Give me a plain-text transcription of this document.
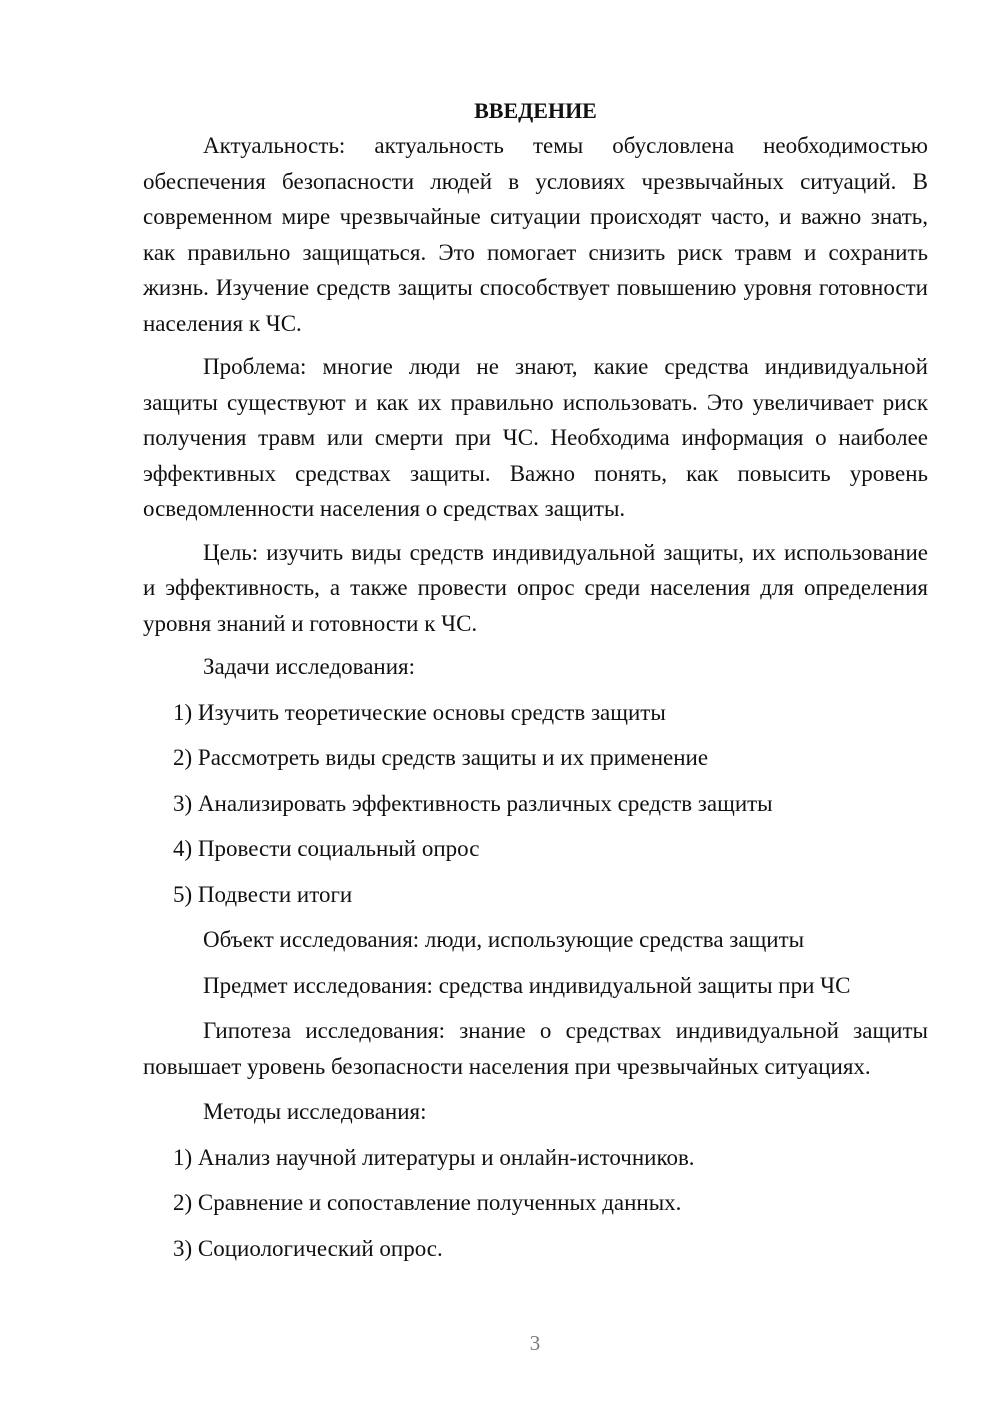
ВВЕДЕНИЕ

Актуальность: актуальность темы обусловлена необходимостью обеспечения безопасности людей в условиях чрезвычайных ситуаций. В современном мире чрезвычайные ситуации происходят часто, и важно знать, как правильно защищаться. Это помогает снизить риск травм и сохранить жизнь. Изучение средств защиты способствует повышению уровня готовности населения к ЧС.

Проблема: многие люди не знают, какие средства индивидуальной защиты существуют и как их правильно использовать. Это увеличивает риск получения травм или смерти при ЧС. Необходима информация о наиболее эффективных средствах защиты. Важно понять, как повысить уровень осведомленности населения о средствах защиты.

Цель: изучить виды средств индивидуальной защиты, их использование и эффективность, а также провести опрос среди населения для определения уровня знаний и готовности к ЧС.

Задачи исследования:

1) Изучить теоретические основы средств защиты

2) Рассмотреть виды средств защиты и их применение

3) Анализировать эффективность различных средств защиты

4) Провести социальный опрос

5) Подвести итоги

Объект исследования: люди, использующие средства защиты

Предмет исследования: средства индивидуальной защиты при ЧС

Гипотеза исследования: знание о средствах индивидуальной защиты повышает уровень безопасности населения при чрезвычайных ситуациях.

Методы исследования:

1) Анализ научной литературы и онлайн-источников.

2) Сравнение и сопоставление полученных данных.

3) Социологический опрос.

3
